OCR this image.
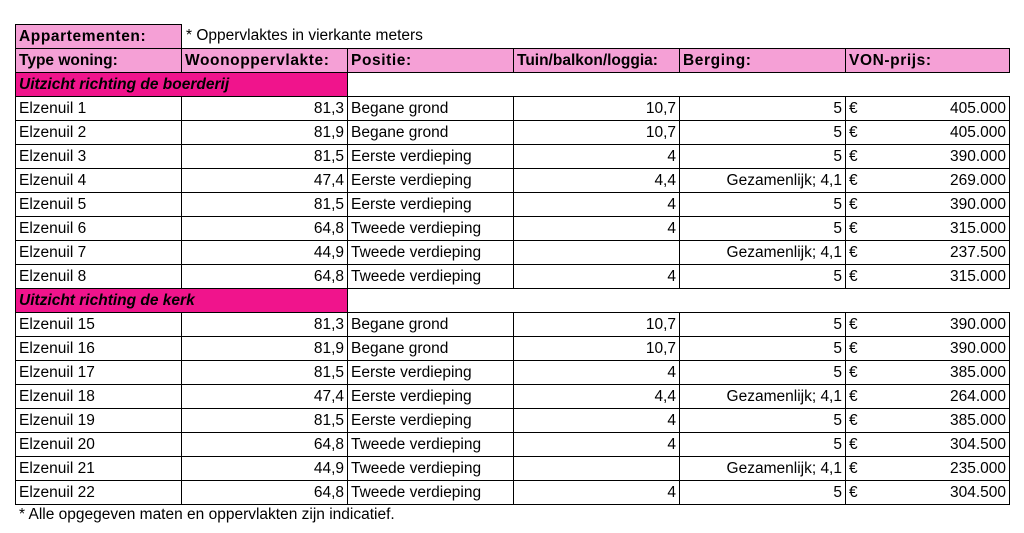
Appartementen:	* Oppervlaktes in vierkante meters				
Type woning:	Woonoppervlakte:	Positie:	Tuin/balkon/loggia:	Berging:	VON-prijs:
Uitzicht richting de boerderij					
Elzenuil 1	81,3	Begane grond	10,7	5	€ 405.000

Elzenuil 2	81,9	Begane grond	10,7	5	€ 405.000

Elzenuil 3	81,5	Eerste verdieping	4	5	€ 390.000

Elzenuil 4	47,4	Eerste verdieping	4,4	Gezamenlijk; 4,1	€ 269.000

Elzenuil 5	81,5	Eerste verdieping	4	5	€ 390.000

Elzenuil 6	64,8	Tweede verdieping	4	5	€ 315.000

Elzenuil 7	44,9	Tweede verdieping		Gezamenlijk; 4,1	€ 237.500

Elzenuil 8	64,8	Tweede verdieping	4	5	€ 315.000

Uitzicht richting de kerk					
Elzenuil 15	81,3	Begane grond	10,7	5	€ 390.000

Elzenuil 16	81,9	Begane grond	10,7	5	€ 390.000

Elzenuil 17	81,5	Eerste verdieping	4	5	€ 385.000

Elzenuil 18	47,4	Eerste verdieping	4,4	Gezamenlijk; 4,1	€ 264.000

Elzenuil 19	81,5	Eerste verdieping	4	5	€ 385.000

Elzenuil 20	64,8	Tweede verdieping	4	5	€ 304.500

Elzenuil 21	44,9	Tweede verdieping		Gezamenlijk; 4,1	€ 235.000

Elzenuil 22	64,8	Tweede verdieping	4	5	€ 304.500
* Alle opgegeven maten en oppervlakten zijn indicatief.
